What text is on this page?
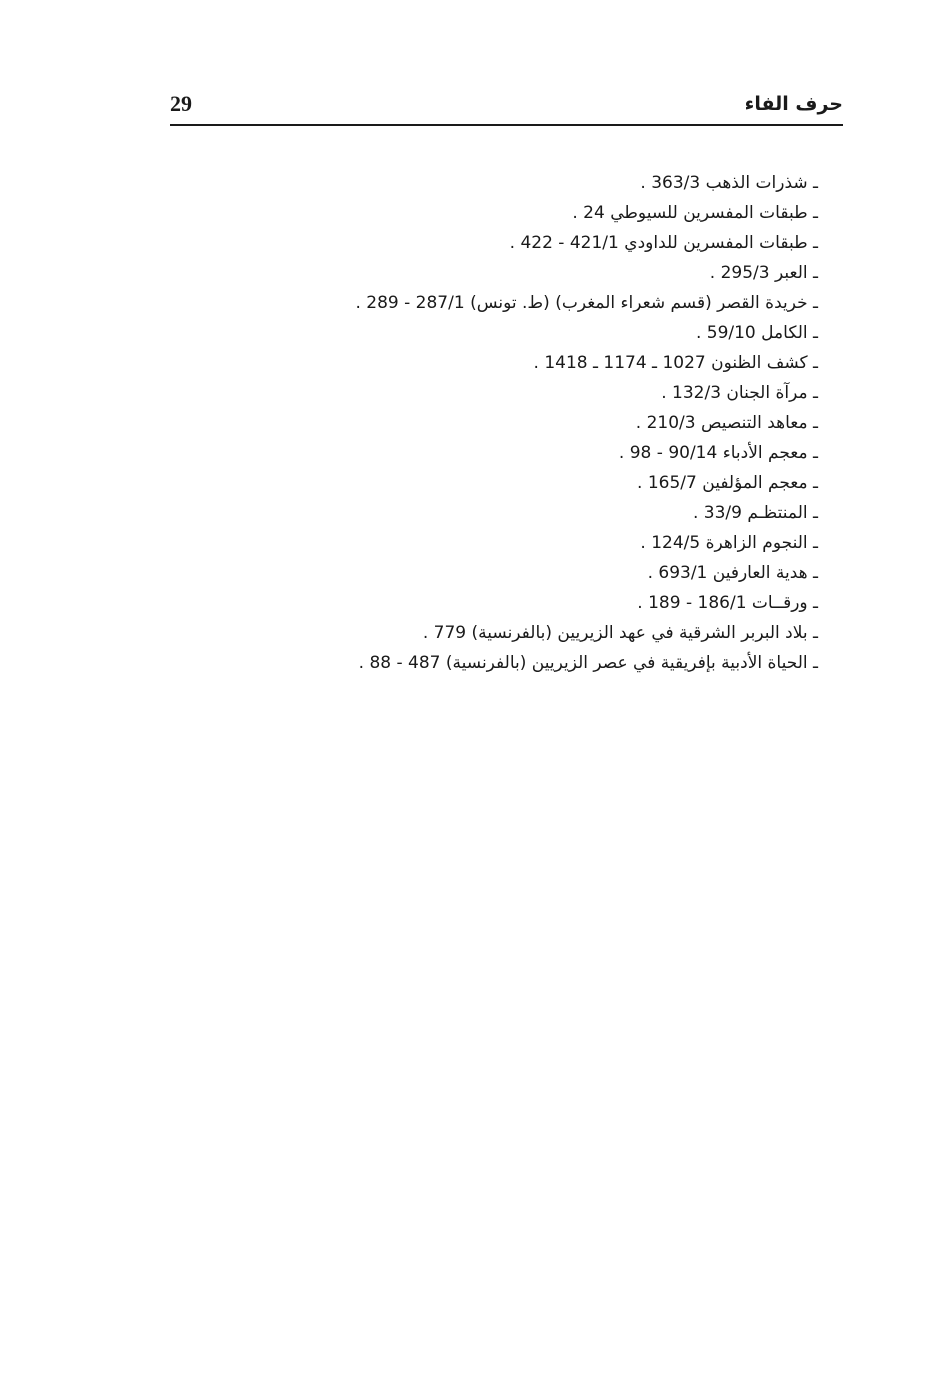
29	حرف الفاء
ـ شذرات الذهب 363/3 .
ـ طبقات المفسرين للسيوطي 24 .
ـ طبقات المفسرين للداودي 421/1 - 422 .
ـ العبر 295/3 .
ـ خريدة القصر (قسم شعراء المغرب) (ط. تونس) 287/1 - 289 .
ـ الكامل 59/10 .
ـ كشف الظنون 1027 ـ 1174 ـ 1418 .
ـ مرآة الجنان 132/3 .
ـ معاهد التنصيص 210/3 .
ـ معجم الأدباء 90/14 - 98 .
ـ معجم المؤلفين 165/7 .
ـ المنتظـم 33/9 .
ـ النجوم الزاهرة 124/5 .
ـ هدية العارفين 693/1 .
ـ ورقــات 186/1 - 189 .
ـ بلاد البربر الشرقية في عهد الزيريين (بالفرنسية) 779 .
ـ الحياة الأدبية بإفريقية في عصر الزيريين (بالفرنسية) 487 - 88 .
